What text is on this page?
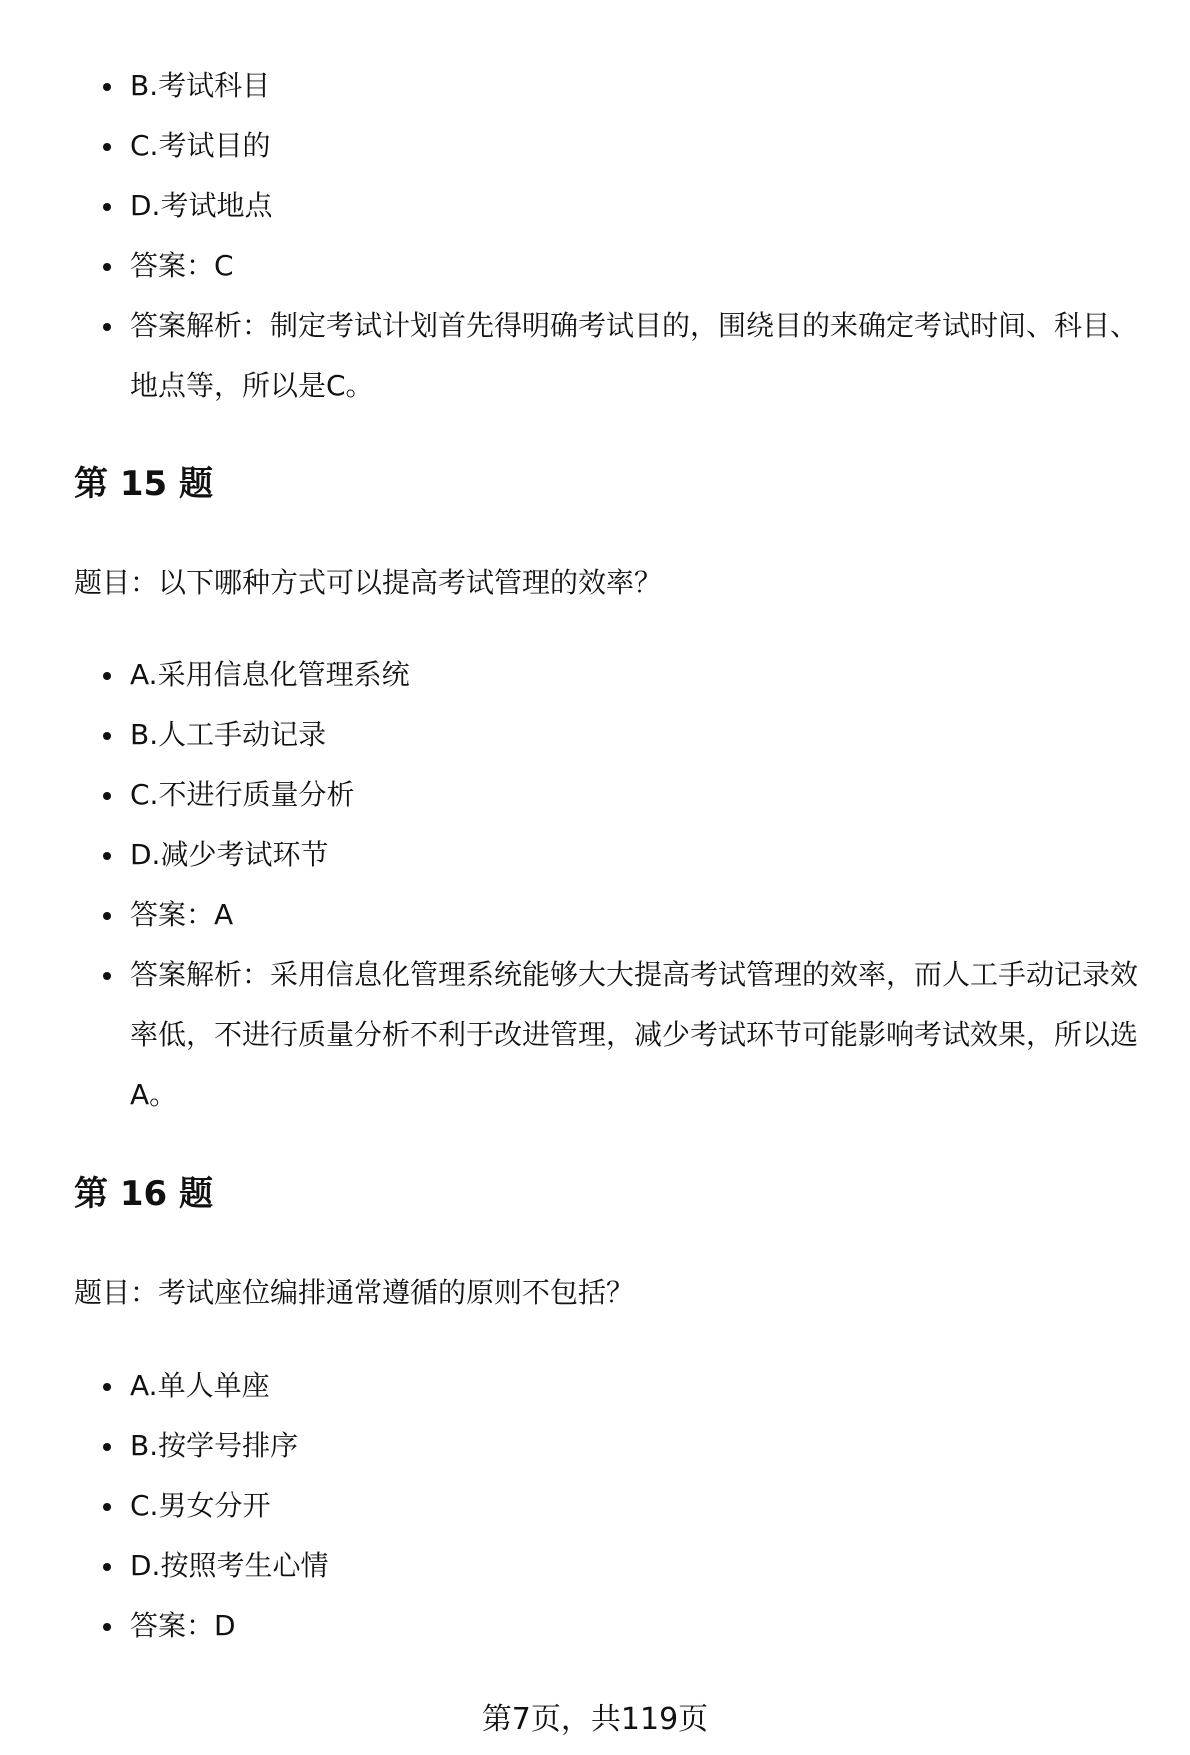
B.考试科目
C.考试目的
D.考试地点
答案：C
答案解析：制定考试计划首先得明确考试目的，围绕目的来确定考试时间、科目、地点等，所以是C。
第 15 题

题目：以下哪种方式可以提高考试管理的效率？

A.采用信息化管理系统
B.人工手动记录
C.不进行质量分析
D.减少考试环节
答案：A
答案解析：采用信息化管理系统能够大大提高考试管理的效率，而人工手动记录效率低，不进行质量分析不利于改进管理，减少考试环节可能影响考试效果，所以选A。
第 16 题

题目：考试座位编排通常遵循的原则不包括？

A.单人单座
B.按学号排序
C.男女分开
D.按照考生心情
答案：D
第7页，共119页
